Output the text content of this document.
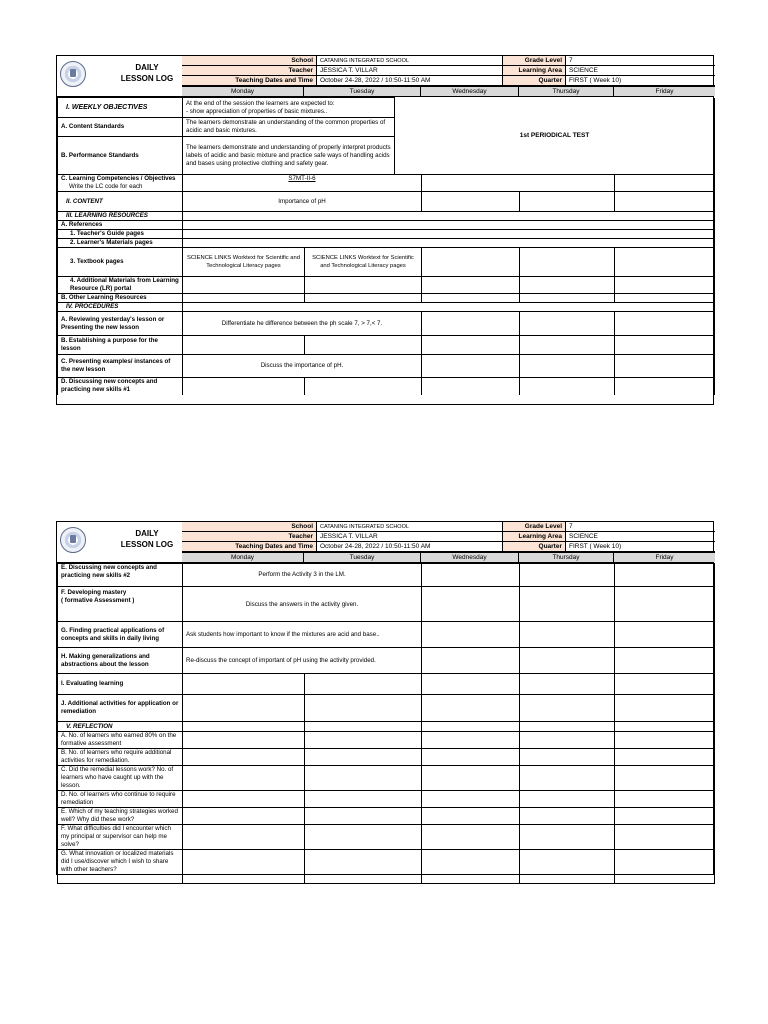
DAILY
LESSON LOG
School	CATANING INTEGRATED SCHOOL	Grade Level	7
Teacher	JESSICA T. VILLAR	Learning Area	SCIENCE
Teaching Dates and Time	October 24-28, 2022 / 10:50-11:50 AM	Quarter	FIRST ( Week 10)
Monday	Tuesday	Wednesday	Thursday	Friday
I. WEEKLY OBJECTIVES	At the end of the session the learners are expected to:
- show appreciation of properties of basic mixtures..		1st PERIODICAL TEST			
A. Content Standards	The learners demonstrate an understanding of the common properties of acidic and basic mixtures.					
B. Performance Standards	The learners demonstrate and understanding of properly interpret products labels of acidic and basic mixture and practice safe ways of handling acids and bases using protective clothing and safety gear.					

C. Learning Competencies / Objectives
Write the LC code for each	S7MT-II-6					
II. CONTENT	Importance of pH					
III. LEARNING RESOURCES						
A. References						
1. Teacher's Guide pages						
2. Learner's Materials pages						
3. Textbook pages	SCIENCE LINKS Worktext for Scientific and Technological Literacy pages	SCIENCE LINKS Worktext for Scientific and Technological Literacy pages				
4. Additional Materials from Learning Resource (LR) portal						
B. Other Learning Resources						
IV. PROCEDURES						
A. Reviewing yesterday's lesson or Presenting the new lesson	Differentiate he difference between the ph scale 7, > 7,< 7.					
B. Establishing a purpose for the lesson						
C. Presenting examples/ instances of the new lesson	Discuss the importance of pH.					
D. Discussing new concepts and practicing new skills #1						
DAILY
LESSON LOG
School	CATANING INTEGRATED SCHOOL	Grade Level	7
Teacher	JESSICA T. VILLAR	Learning Area	SCIENCE
Teaching Dates and Time	October 24-28, 2022 / 10:50-11:50 AM	Quarter	FIRST ( Week 10)
Monday	Tuesday	Wednesday	Thursday	Friday
E. Discussing new concepts and practicing new skills #2	Perform the Activity 3 in the LM.				
F. Developing mastery
( formative Assessment )	Discuss the answers in the activity given.				
G. Finding practical applications of concepts and skills in daily living	Ask students how important to know if the mixtures are acid and base..				
H. Making generalizations and abstractions about the lesson	Re-discuss the concept of important of pH using the activity provided.				
I. Evaluating learning					
J. Additional activities for application or remediation					
V. REFLECTION					
A. No. of learners who earned 80% on the formative assessment					
B. No. of learners who require additional activities for remediation.					
C. Did the remedial lessons work? No. of learners who have caught up with the lesson.					
D. No. of learners who continue to require remediation					
E. Which of my teaching strategies worked well? Why did these work?					
F. What difficulties did I encounter which my principal or supervisor can help me solve?					
G. What innovation or localized materials did I use/discover which I wish to share with other teachers?					
